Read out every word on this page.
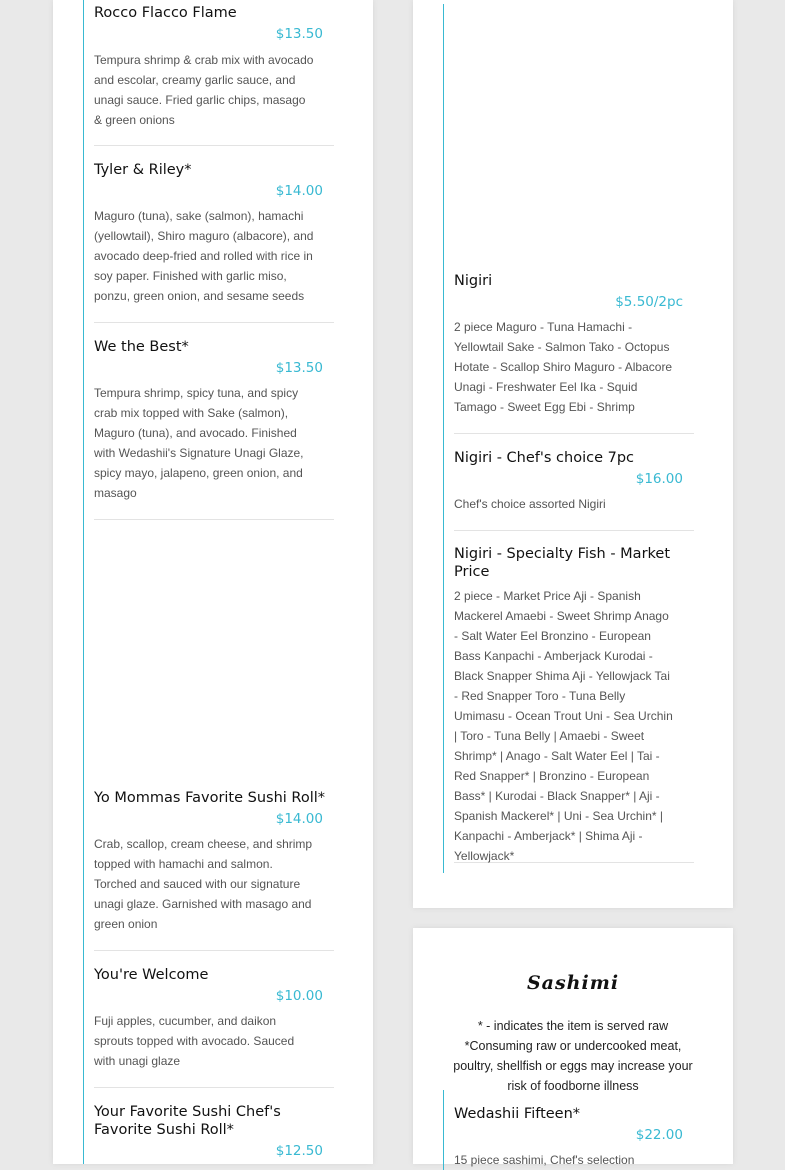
Rocco Flacco Flame
$13.50
Tempura shrimp & crab mix with avocado and escolar, creamy garlic sauce, and unagi sauce. Fried garlic chips, masago & green onions
Tyler & Riley*
$14.00
Maguro (tuna), sake (salmon), hamachi (yellowtail), Shiro maguro (albacore), and avocado deep-fried and rolled with rice in soy paper. Finished with garlic miso, ponzu, green onion, and sesame seeds
We the Best*
$13.50
Tempura shrimp, spicy tuna, and spicy crab mix topped with Sake (salmon), Maguro (tuna), and avocado. Finished with Wedashii's Signature Unagi Glaze, spicy mayo, jalapeno, green onion, and masago
Yo Mommas Favorite Sushi Roll*
$14.00
Crab, scallop, cream cheese, and shrimp topped with hamachi and salmon. Torched and sauced with our signature unagi glaze. Garnished with masago and green onion
You're Welcome
$10.00
Fuji apples, cucumber, and daikon sprouts topped with avocado. Sauced with unagi glaze
Your Favorite Sushi Chef's Favorite Sushi Roll*
$12.50
Nigiri
$5.50/2pc
2 piece Maguro - Tuna Hamachi - Yellowtail Sake - Salmon Tako - Octopus Hotate - Scallop Shiro Maguro - Albacore Unagi - Freshwater Eel Ika - Squid Tamago - Sweet Egg Ebi - Shrimp
Nigiri - Chef's choice 7pc
$16.00
Chef's choice assorted Nigiri
Nigiri - Specialty Fish - Market Price
2 piece - Market Price Aji - Spanish Mackerel Amaebi - Sweet Shrimp Anago - Salt Water Eel Bronzino - European Bass Kanpachi - Amberjack Kurodai - Black Snapper Shima Aji - Yellowjack Tai - Red Snapper Toro - Tuna Belly Umimasu - Ocean Trout Uni - Sea Urchin | Toro - Tuna Belly | Amaebi - Sweet Shrimp* | Anago - Salt Water Eel | Tai - Red Snapper* | Bronzino - European Bass* | Kurodai - Black Snapper* | Aji - Spanish Mackerel* | Uni - Sea Urchin* | Kanpachi - Amberjack* | Shima Aji - Yellowjack*
Sashimi
* - indicates the item is served raw *Consuming raw or undercooked meat, poultry, shellfish or eggs may increase your risk of foodborne illness
Wedashii Fifteen*
$22.00
15 piece sashimi, Chef's selection
